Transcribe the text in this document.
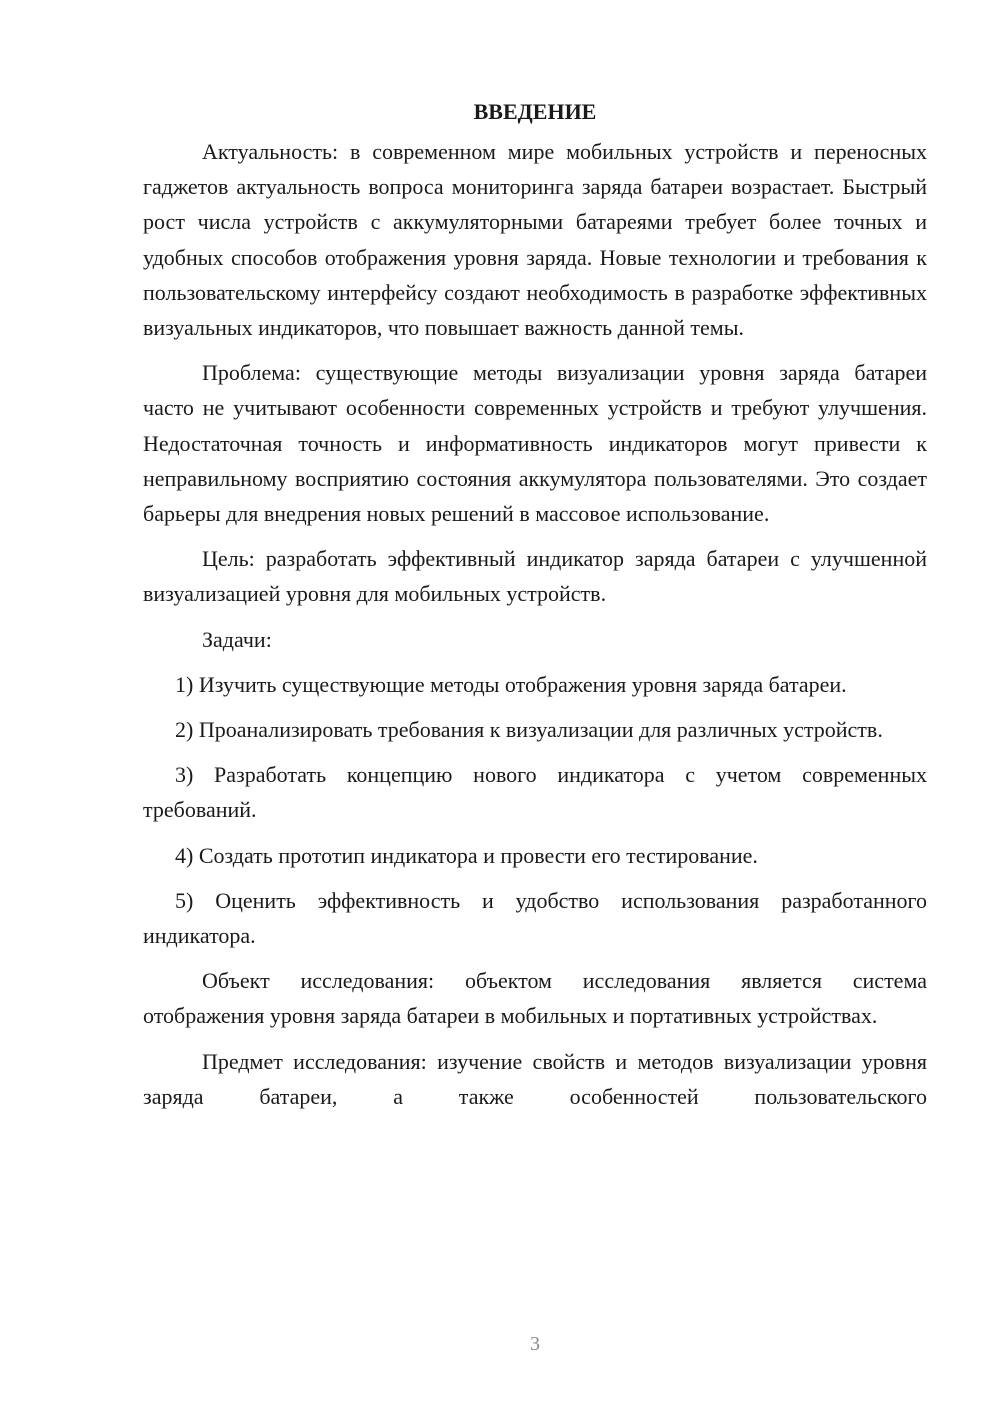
ВВЕДЕНИЕ

Актуальность: в современном мире мобильных устройств и переносных гаджетов актуальность вопроса мониторинга заряда батареи возрастает. Быстрый рост числа устройств с аккумуляторными батареями требует более точных и удобных способов отображения уровня заряда. Новые технологии и требования к пользовательскому интерфейсу создают необходимость в разработке эффективных визуальных индикаторов, что повышает важность данной темы.

Проблема: существующие методы визуализации уровня заряда батареи часто не учитывают особенности современных устройств и требуют улучшения. Недостаточная точность и информативность индикаторов могут привести к неправильному восприятию состояния аккумулятора пользователями. Это создает барьеры для внедрения новых решений в массовое использование.

Цель: разработать эффективный индикатор заряда батареи с улучшенной визуализацией уровня для мобильных устройств.

Задачи:

1) Изучить существующие методы отображения уровня заряда батареи.

2) Проанализировать требования к визуализации для различных устройств.

3) Разработать концепцию нового индикатора с учетом современных требований.

4) Создать прототип индикатора и провести его тестирование.

5) Оценить эффективность и удобство использования разработанного индикатора.

Объект исследования: объектом исследования является система отображения уровня заряда батареи в мобильных и портативных устройствах.

Предмет исследования: изучение свойств и методов визуализации уровня заряда батареи, а также особенностей пользовательского

3
